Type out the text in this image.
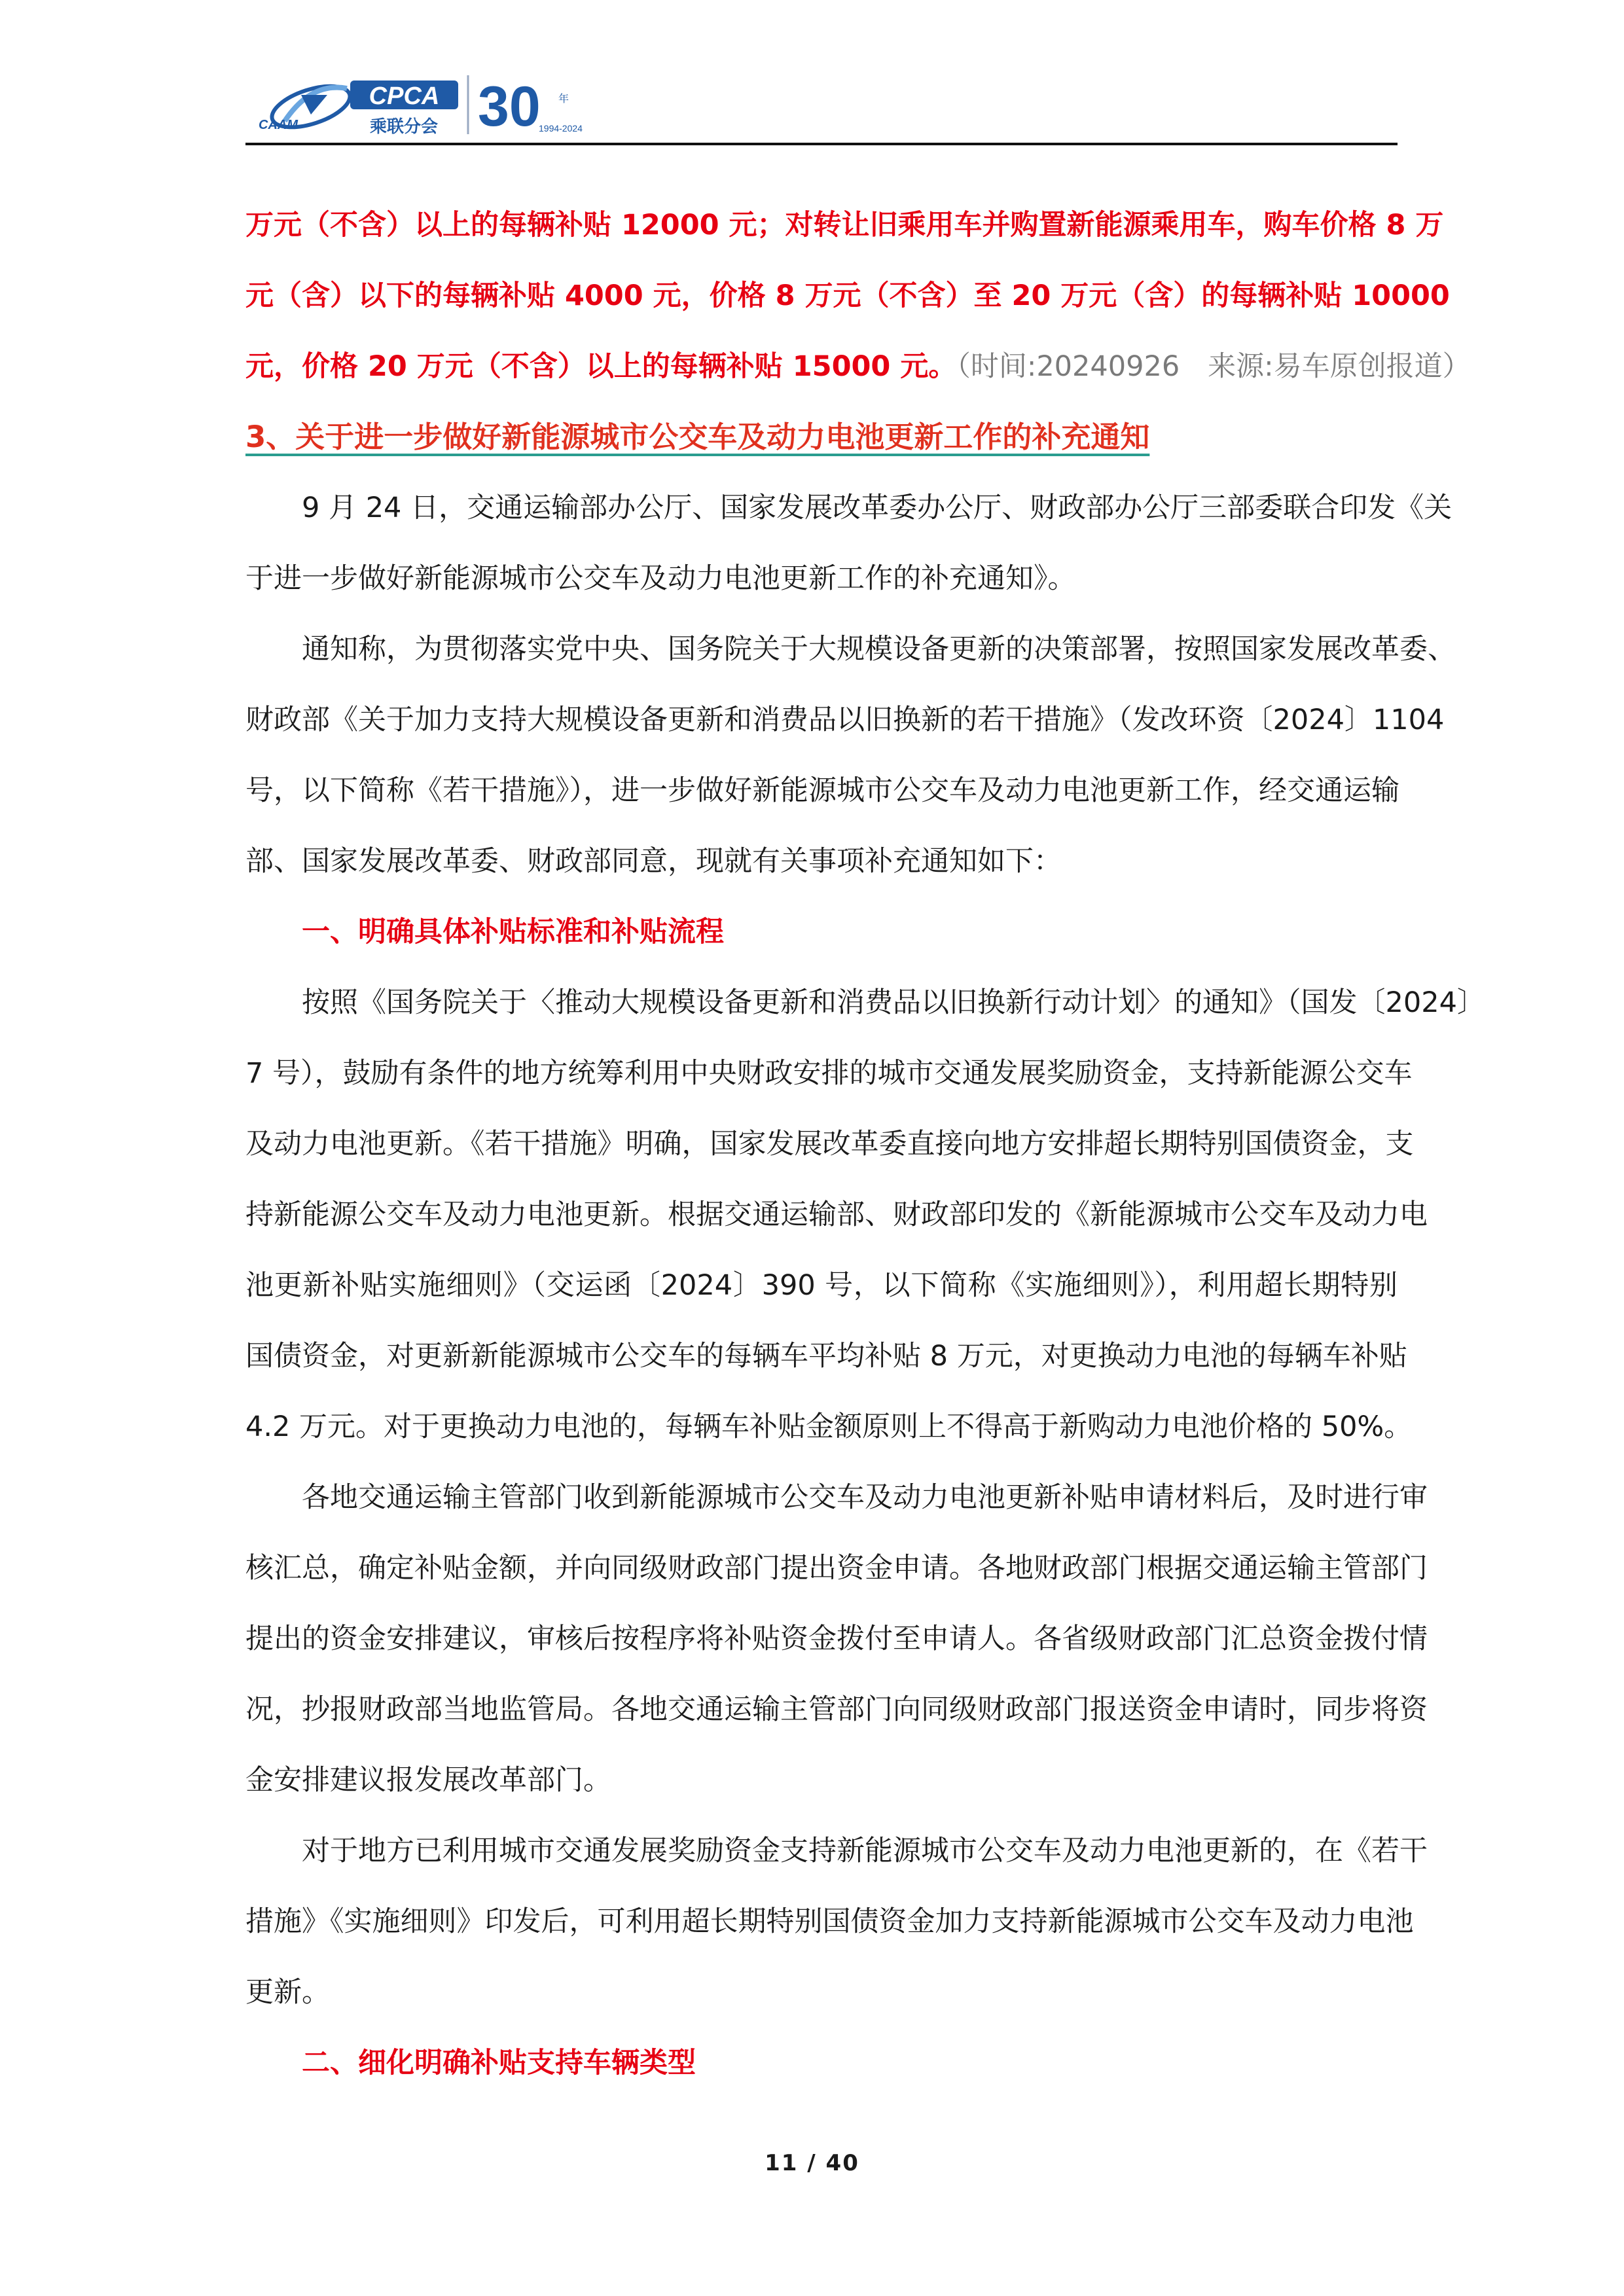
CPCA
CAAM	乘联分会 30 年
1994-2024
万元（不含）以上的每辆补贴 12000 元；对转让旧乘用车并购置新能源乘用车，购车价格 8 万
元（含）以下的每辆补贴 4000 元，价格 8 万元（不含）至 20 万元（含）的每辆补贴 10000
元，价格 20 万元（不含）以上的每辆补贴 15000 元。（时间:20240926　来源:易车原创报道）
3、关于进一步做好新能源城市公交车及动力电池更新工作的补充通知
9 月 24 日，交通运输部办公厅、国家发展改革委办公厅、财政部办公厅三部委联合印发《关
于进一步做好新能源城市公交车及动力电池更新工作的补充通知》。
通知称，为贯彻落实党中央、国务院关于大规模设备更新的决策部署，按照国家发展改革委、
财政部《关于加力支持大规模设备更新和消费品以旧换新的若干措施》（发改环资〔2024〕1104
号，以下简称《若干措施》），进一步做好新能源城市公交车及动力电池更新工作，经交通运输
部、国家发展改革委、财政部同意，现就有关事项补充通知如下：
一、明确具体补贴标准和补贴流程
按照《国务院关于〈推动大规模设备更新和消费品以旧换新行动计划〉的通知》（国发〔2024〕
7 号），鼓励有条件的地方统筹利用中央财政安排的城市交通发展奖励资金，支持新能源公交车
及动力电池更新。《若干措施》明确，国家发展改革委直接向地方安排超长期特别国债资金，支
持新能源公交车及动力电池更新。根据交通运输部、财政部印发的《新能源城市公交车及动力电
池更新补贴实施细则》（交运函〔2024〕390 号，以下简称《实施细则》），利用超长期特别
国债资金，对更新新能源城市公交车的每辆车平均补贴 8 万元，对更换动力电池的每辆车补贴
4.2 万元。对于更换动力电池的，每辆车补贴金额原则上不得高于新购动力电池价格的 50%。
各地交通运输主管部门收到新能源城市公交车及动力电池更新补贴申请材料后，及时进行审
核汇总，确定补贴金额，并向同级财政部门提出资金申请。各地财政部门根据交通运输主管部门
提出的资金安排建议，审核后按程序将补贴资金拨付至申请人。各省级财政部门汇总资金拨付情
况，抄报财政部当地监管局。各地交通运输主管部门向同级财政部门报送资金申请时，同步将资
金安排建议报发展改革部门。
对于地方已利用城市交通发展奖励资金支持新能源城市公交车及动力电池更新的，在《若干
措施》《实施细则》印发后，可利用超长期特别国债资金加力支持新能源城市公交车及动力电池
更新。
二、细化明确补贴支持车辆类型
11 / 40
